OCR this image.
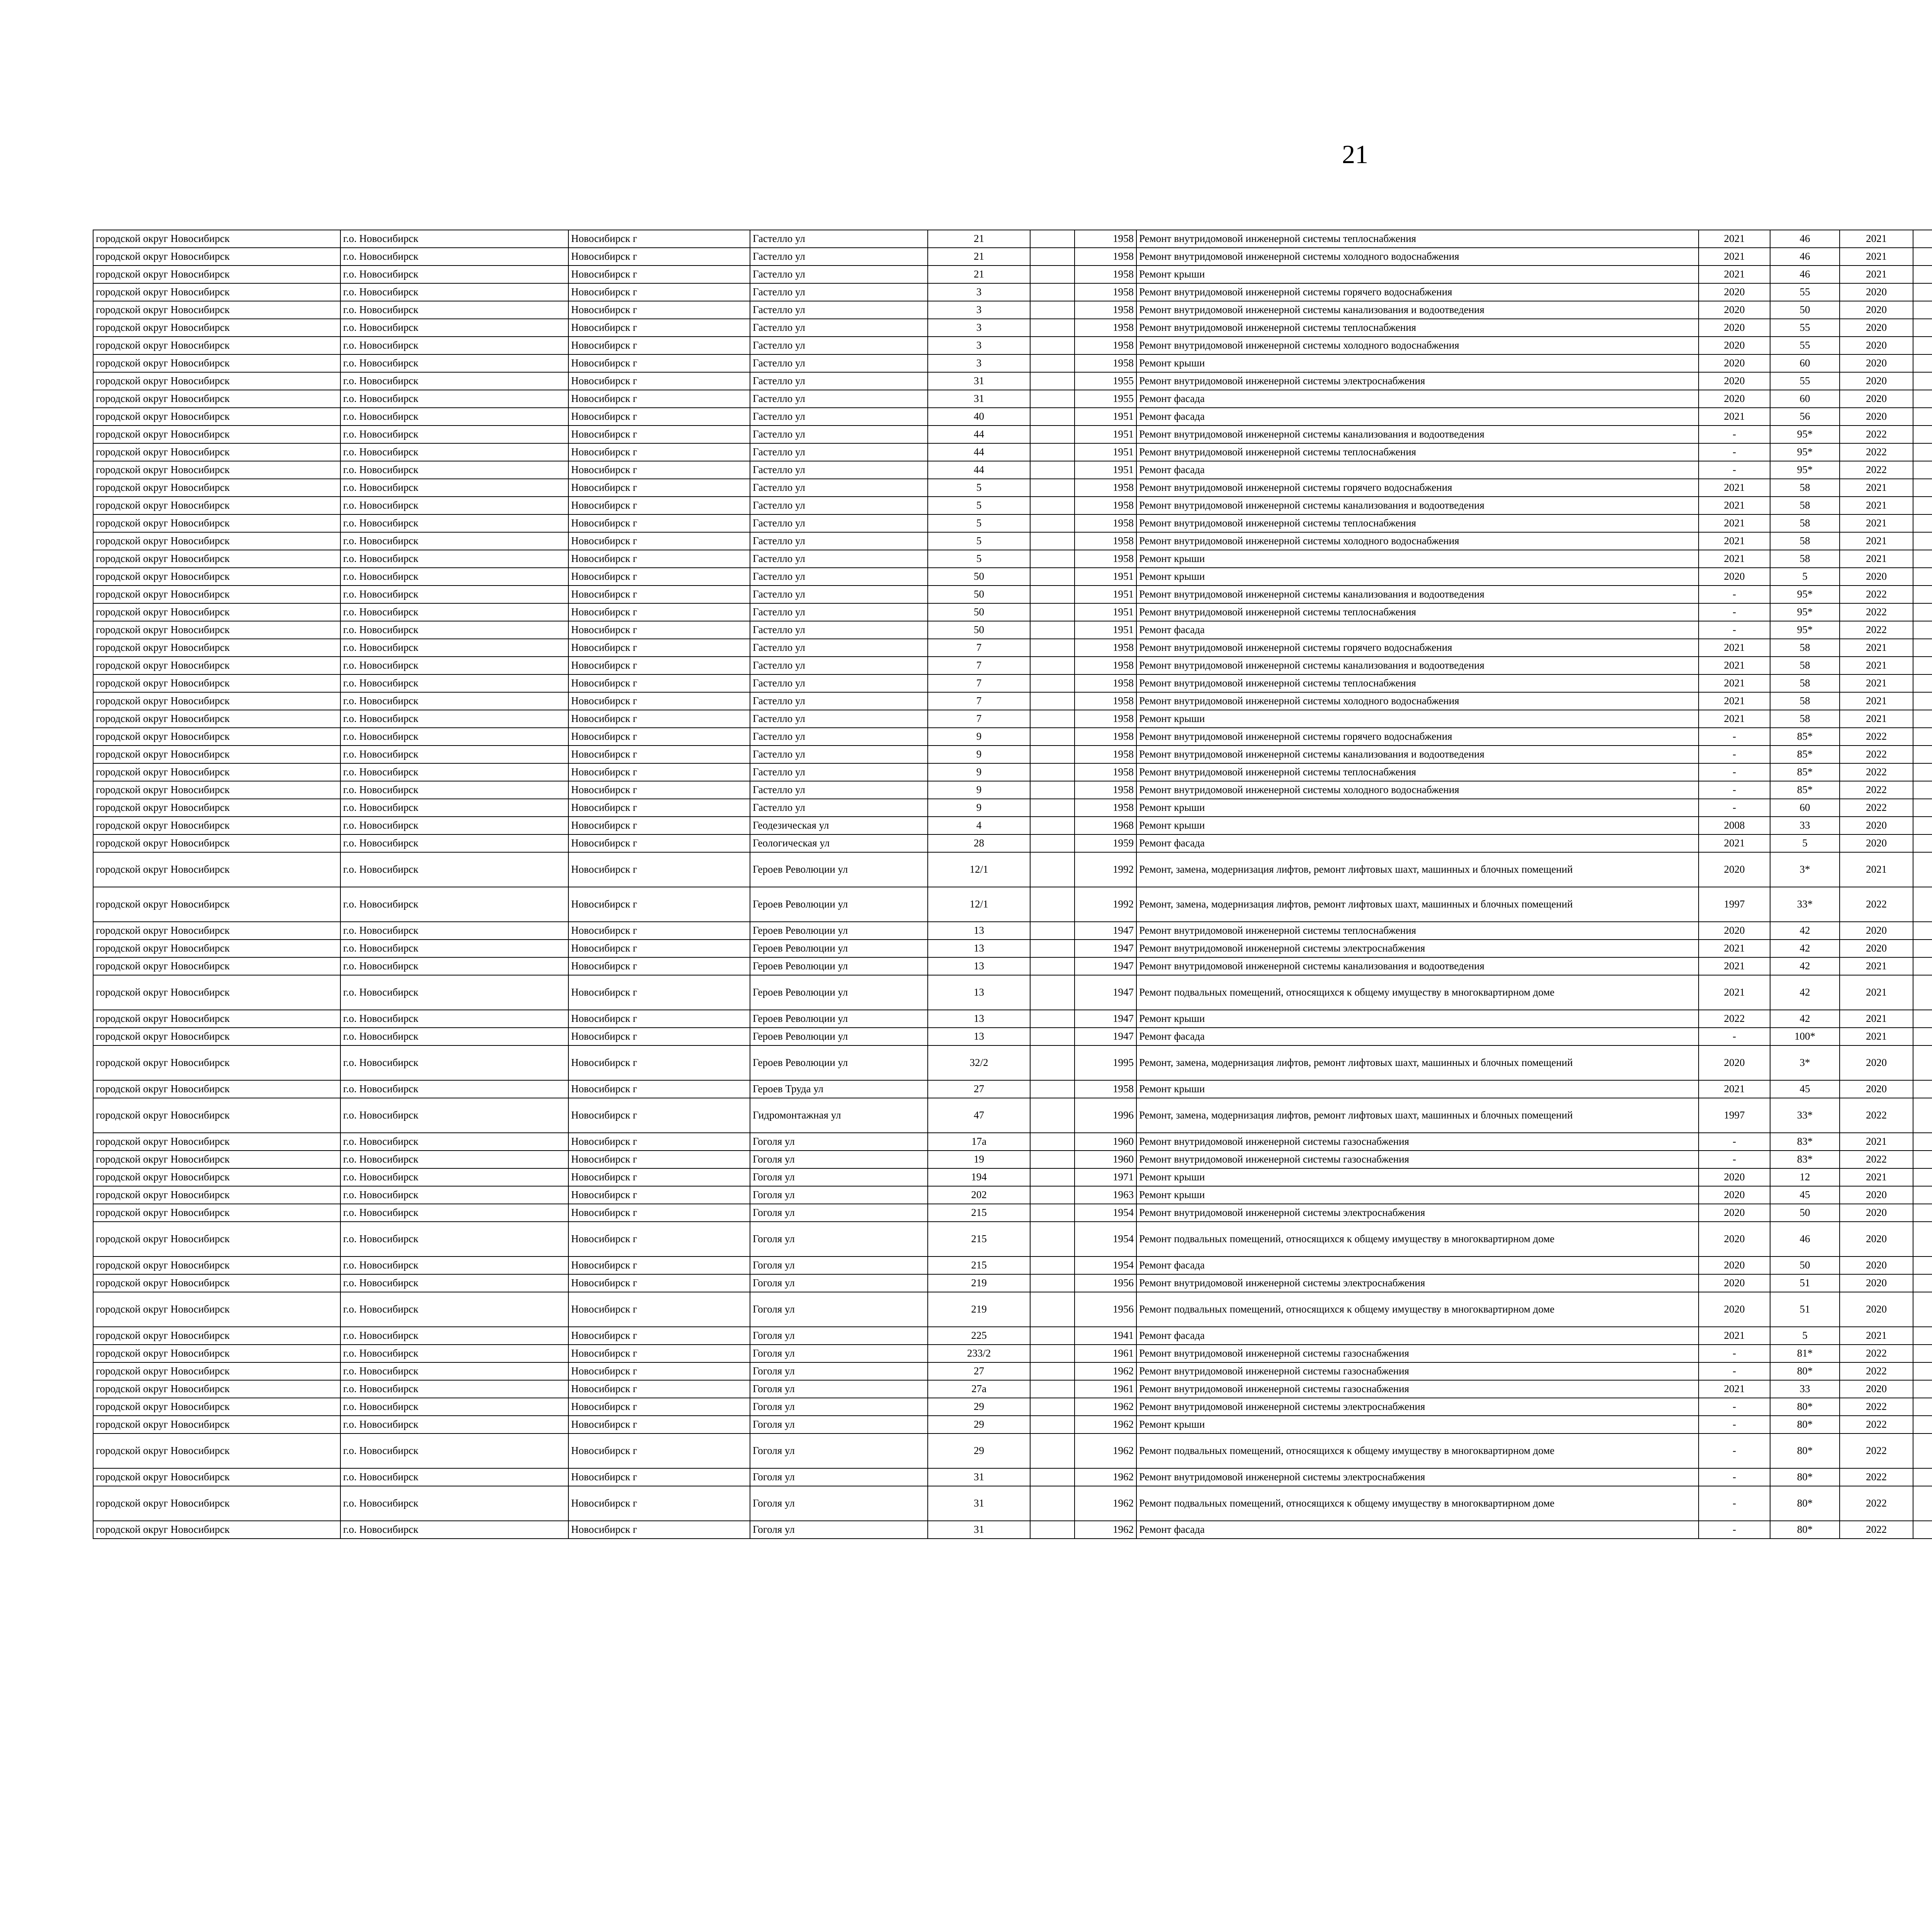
21
городской округ Новосибирск	г.о. Новосибирск	Новосибирск г	Гастелло ул	21		1958	Ремонт внутридомовой инженерной системы теплоснабжения	2021	46	2021						
городской округ Новосибирск	г.о. Новосибирск	Новосибирск г	Гастелло ул	21		1958	Ремонт внутридомовой инженерной системы холодного водоснабжения	2021	46	2021						
городской округ Новосибирск	г.о. Новосибирск	Новосибирск г	Гастелло ул	21		1958	Ремонт крыши	2021	46	2021						
городской округ Новосибирск	г.о. Новосибирск	Новосибирск г	Гастелло ул	3		1958	Ремонт внутридомовой инженерной системы горячего водоснабжения	2020	55	2020						
городской округ Новосибирск	г.о. Новосибирск	Новосибирск г	Гастелло ул	3		1958	Ремонт внутридомовой инженерной системы канализования и водоотведения	2020	50	2020						
городской округ Новосибирск	г.о. Новосибирск	Новосибирск г	Гастелло ул	3		1958	Ремонт внутридомовой инженерной системы теплоснабжения	2020	55	2020						
городской округ Новосибирск	г.о. Новосибирск	Новосибирск г	Гастелло ул	3		1958	Ремонт внутридомовой инженерной системы холодного водоснабжения	2020	55	2020						
городской округ Новосибирск	г.о. Новосибирск	Новосибирск г	Гастелло ул	3		1958	Ремонт крыши	2020	60	2020						
городской округ Новосибирск	г.о. Новосибирск	Новосибирск г	Гастелло ул	31		1955	Ремонт внутридомовой инженерной системы электроснабжения	2020	55	2020						
городской округ Новосибирск	г.о. Новосибирск	Новосибирск г	Гастелло ул	31		1955	Ремонт фасада	2020	60	2020						
городской округ Новосибирск	г.о. Новосибирск	Новосибирск г	Гастелло ул	40		1951	Ремонт фасада	2021	56	2020						
городской округ Новосибирск	г.о. Новосибирск	Новосибирск г	Гастелло ул	44		1951	Ремонт внутридомовой инженерной системы канализования и водоотведения	-	95*	2022						
городской округ Новосибирск	г.о. Новосибирск	Новосибирск г	Гастелло ул	44		1951	Ремонт внутридомовой инженерной системы теплоснабжения	-	95*	2022						
городской округ Новосибирск	г.о. Новосибирск	Новосибирск г	Гастелло ул	44		1951	Ремонт фасада	-	95*	2022						
городской округ Новосибирск	г.о. Новосибирск	Новосибирск г	Гастелло ул	5		1958	Ремонт внутридомовой инженерной системы горячего водоснабжения	2021	58	2021						
городской округ Новосибирск	г.о. Новосибирск	Новосибирск г	Гастелло ул	5		1958	Ремонт внутридомовой инженерной системы канализования и водоотведения	2021	58	2021						
городской округ Новосибирск	г.о. Новосибирск	Новосибирск г	Гастелло ул	5		1958	Ремонт внутридомовой инженерной системы теплоснабжения	2021	58	2021						
городской округ Новосибирск	г.о. Новосибирск	Новосибирск г	Гастелло ул	5		1958	Ремонт внутридомовой инженерной системы холодного водоснабжения	2021	58	2021						
городской округ Новосибирск	г.о. Новосибирск	Новосибирск г	Гастелло ул	5		1958	Ремонт крыши	2021	58	2021						
городской округ Новосибирск	г.о. Новосибирск	Новосибирск г	Гастелло ул	50		1951	Ремонт крыши	2020	5	2020						
городской округ Новосибирск	г.о. Новосибирск	Новосибирск г	Гастелло ул	50		1951	Ремонт внутридомовой инженерной системы канализования и водоотведения	-	95*	2022						
городской округ Новосибирск	г.о. Новосибирск	Новосибирск г	Гастелло ул	50		1951	Ремонт внутридомовой инженерной системы теплоснабжения	-	95*	2022						
городской округ Новосибирск	г.о. Новосибирск	Новосибирск г	Гастелло ул	50		1951	Ремонт фасада	-	95*	2022						
городской округ Новосибирск	г.о. Новосибирск	Новосибирск г	Гастелло ул	7		1958	Ремонт внутридомовой инженерной системы горячего водоснабжения	2021	58	2021						
городской округ Новосибирск	г.о. Новосибирск	Новосибирск г	Гастелло ул	7		1958	Ремонт внутридомовой инженерной системы канализования и водоотведения	2021	58	2021						
городской округ Новосибирск	г.о. Новосибирск	Новосибирск г	Гастелло ул	7		1958	Ремонт внутридомовой инженерной системы теплоснабжения	2021	58	2021						
городской округ Новосибирск	г.о. Новосибирск	Новосибирск г	Гастелло ул	7		1958	Ремонт внутридомовой инженерной системы холодного водоснабжения	2021	58	2021						
городской округ Новосибирск	г.о. Новосибирск	Новосибирск г	Гастелло ул	7		1958	Ремонт крыши	2021	58	2021						
городской округ Новосибирск	г.о. Новосибирск	Новосибирск г	Гастелло ул	9		1958	Ремонт внутридомовой инженерной системы горячего водоснабжения	-	85*	2022						
городской округ Новосибирск	г.о. Новосибирск	Новосибирск г	Гастелло ул	9		1958	Ремонт внутридомовой инженерной системы канализования и водоотведения	-	85*	2022						
городской округ Новосибирск	г.о. Новосибирск	Новосибирск г	Гастелло ул	9		1958	Ремонт внутридомовой инженерной системы теплоснабжения	-	85*	2022						
городской округ Новосибирск	г.о. Новосибирск	Новосибирск г	Гастелло ул	9		1958	Ремонт внутридомовой инженерной системы холодного водоснабжения	-	85*	2022						
городской округ Новосибирск	г.о. Новосибирск	Новосибирск г	Гастелло ул	9		1958	Ремонт крыши	-	60	2022						
городской округ Новосибирск	г.о. Новосибирск	Новосибирск г	Геодезическая ул	4		1968	Ремонт крыши	2008	33	2020						
городской округ Новосибирск	г.о. Новосибирск	Новосибирск г	Геологическая ул	28		1959	Ремонт фасада	2021	5	2020						
городской округ Новосибирск	г.о. Новосибирск	Новосибирск г	Героев Революции ул	12/1		1992	Ремонт, замена, модернизация лифтов, ремонт лифтовых шахт, машинных и блочных помещений	2020	3*	2021						
городской округ Новосибирск	г.о. Новосибирск	Новосибирск г	Героев Революции ул	12/1		1992	Ремонт, замена, модернизация лифтов, ремонт лифтовых шахт, машинных и блочных помещений	1997	33*	2022						
городской округ Новосибирск	г.о. Новосибирск	Новосибирск г	Героев Революции ул	13		1947	Ремонт внутридомовой инженерной системы теплоснабжения	2020	42	2020						
городской округ Новосибирск	г.о. Новосибирск	Новосибирск г	Героев Революции ул	13		1947	Ремонт внутридомовой инженерной системы электроснабжения	2021	42	2020						
городской округ Новосибирск	г.о. Новосибирск	Новосибирск г	Героев Революции ул	13		1947	Ремонт внутридомовой инженерной системы канализования и водоотведения	2021	42	2021						
городской округ Новосибирск	г.о. Новосибирск	Новосибирск г	Героев Революции ул	13		1947	Ремонт подвальных помещений, относящихся к общему имуществу в многоквартирном доме	2021	42	2021						
городской округ Новосибирск	г.о. Новосибирск	Новосибирск г	Героев Революции ул	13		1947	Ремонт крыши	2022	42	2021						
городской округ Новосибирск	г.о. Новосибирск	Новосибирск г	Героев Революции ул	13		1947	Ремонт фасада	-	100*	2021						
городской округ Новосибирск	г.о. Новосибирск	Новосибирск г	Героев Революции ул	32/2		1995	Ремонт, замена, модернизация лифтов, ремонт лифтовых шахт, машинных и блочных помещений	2020	3*	2020						
городской округ Новосибирск	г.о. Новосибирск	Новосибирск г	Героев Труда ул	27		1958	Ремонт крыши	2021	45	2020						
городской округ Новосибирск	г.о. Новосибирск	Новосибирск г	Гидромонтажная ул	47		1996	Ремонт, замена, модернизация лифтов, ремонт лифтовых шахт, машинных и блочных помещений	1997	33*	2022						
городской округ Новосибирск	г.о. Новосибирск	Новосибирск г	Гоголя ул	17а		1960	Ремонт внутридомовой инженерной системы газоснабжения	-	83*	2021						
городской округ Новосибирск	г.о. Новосибирск	Новосибирск г	Гоголя ул	19		1960	Ремонт внутридомовой инженерной системы газоснабжения	-	83*	2022						
городской округ Новосибирск	г.о. Новосибирск	Новосибирск г	Гоголя ул	194		1971	Ремонт крыши	2020	12	2021						
городской округ Новосибирск	г.о. Новосибирск	Новосибирск г	Гоголя ул	202		1963	Ремонт крыши	2020	45	2020						
городской округ Новосибирск	г.о. Новосибирск	Новосибирск г	Гоголя ул	215		1954	Ремонт внутридомовой инженерной системы электроснабжения	2020	50	2020						
городской округ Новосибирск	г.о. Новосибирск	Новосибирск г	Гоголя ул	215		1954	Ремонт подвальных помещений, относящихся к общему имуществу в многоквартирном доме	2020	46	2020						
городской округ Новосибирск	г.о. Новосибирск	Новосибирск г	Гоголя ул	215		1954	Ремонт фасада	2020	50	2020						
городской округ Новосибирск	г.о. Новосибирск	Новосибирск г	Гоголя ул	219		1956	Ремонт внутридомовой инженерной системы электроснабжения	2020	51	2020						
городской округ Новосибирск	г.о. Новосибирск	Новосибирск г	Гоголя ул	219		1956	Ремонт подвальных помещений, относящихся к общему имуществу в многоквартирном доме	2020	51	2020						
городской округ Новосибирск	г.о. Новосибирск	Новосибирск г	Гоголя ул	225		1941	Ремонт фасада	2021	5	2021						
городской округ Новосибирск	г.о. Новосибирск	Новосибирск г	Гоголя ул	233/2		1961	Ремонт внутридомовой инженерной системы газоснабжения	-	81*	2022						
городской округ Новосибирск	г.о. Новосибирск	Новосибирск г	Гоголя ул	27		1962	Ремонт внутридомовой инженерной системы газоснабжения	-	80*	2022						
городской округ Новосибирск	г.о. Новосибирск	Новосибирск г	Гоголя ул	27а		1961	Ремонт внутридомовой инженерной системы газоснабжения	2021	33	2020						
городской округ Новосибирск	г.о. Новосибирск	Новосибирск г	Гоголя ул	29		1962	Ремонт внутридомовой инженерной системы электроснабжения	-	80*	2022						
городской округ Новосибирск	г.о. Новосибирск	Новосибирск г	Гоголя ул	29		1962	Ремонт крыши	-	80*	2022						
городской округ Новосибирск	г.о. Новосибирск	Новосибирск г	Гоголя ул	29		1962	Ремонт подвальных помещений, относящихся к общему имуществу в многоквартирном доме	-	80*	2022						
городской округ Новосибирск	г.о. Новосибирск	Новосибирск г	Гоголя ул	31		1962	Ремонт внутридомовой инженерной системы электроснабжения	-	80*	2022						
городской округ Новосибирск	г.о. Новосибирск	Новосибирск г	Гоголя ул	31		1962	Ремонт подвальных помещений, относящихся к общему имуществу в многоквартирном доме	-	80*	2022						
городской округ Новосибирск	г.о. Новосибирск	Новосибирск г	Гоголя ул	31		1962	Ремонт фасада	-	80*	2022						
